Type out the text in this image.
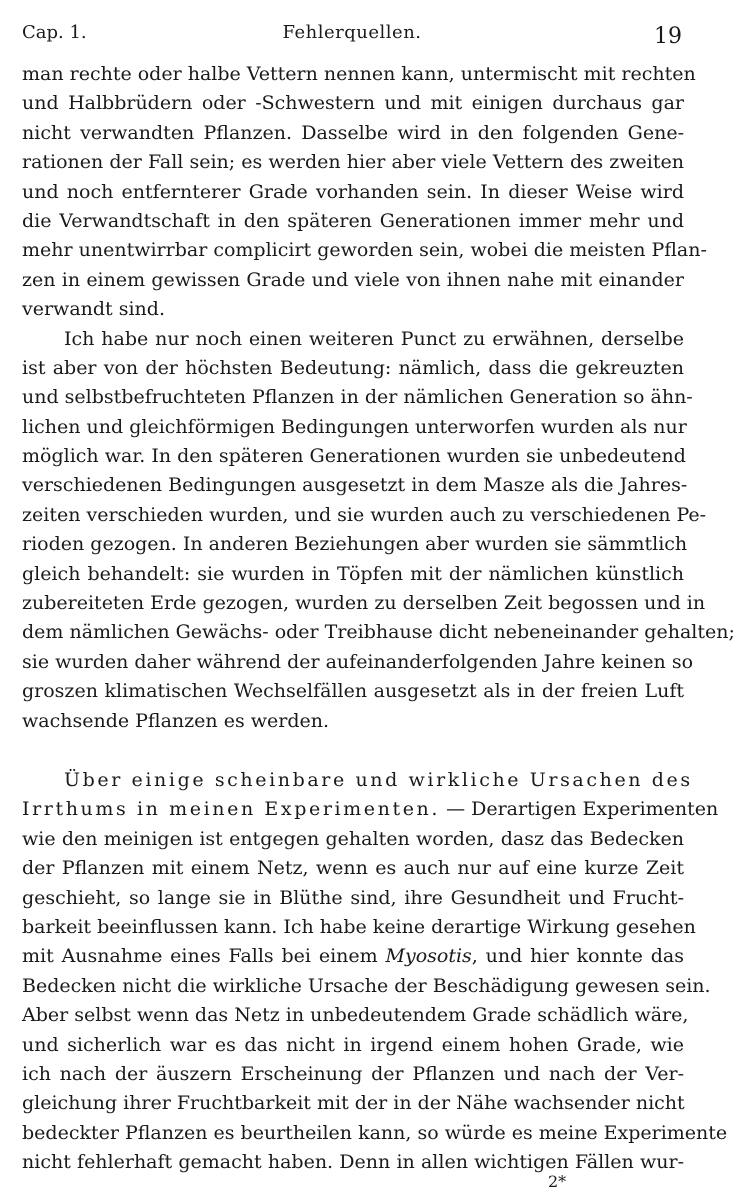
Cap. 1.	Fehlerquellen.	19
man rechte oder halbe Vettern nennen kann, untermischt mit rechten
und Halbbrüdern oder -Schwestern und mit einigen durchaus gar
nicht verwandten Pflanzen. Dasselbe wird in den folgenden Gene-
rationen der Fall sein; es werden hier aber viele Vettern des zweiten
und noch entfernterer Grade vorhanden sein. In dieser Weise wird
die Verwandtschaft in den späteren Generationen immer mehr und
mehr unentwirrbar complicirt geworden sein, wobei die meisten Pflan-
zen in einem gewissen Grade und viele von ihnen nahe mit einander
verwandt sind.
Ich habe nur noch einen weiteren Punct zu erwähnen, derselbe
ist aber von der höchsten Bedeutung: nämlich, dass die gekreuzten
und selbstbefruchteten Pflanzen in der nämlichen Generation so ähn-
lichen und gleichförmigen Bedingungen unterworfen wurden als nur
möglich war. In den späteren Generationen wurden sie unbedeutend
verschiedenen Bedingungen ausgesetzt in dem Masze als die Jahres-
zeiten verschieden wurden, und sie wurden auch zu verschiedenen Pe-
rioden gezogen. In anderen Beziehungen aber wurden sie sämmtlich
gleich behandelt: sie wurden in Töpfen mit der nämlichen künstlich
zubereiteten Erde gezogen, wurden zu derselben Zeit begossen und in
dem nämlichen Gewächs- oder Treibhause dicht nebeneinander gehalten;
sie wurden daher während der aufeinanderfolgenden Jahre keinen so
groszen klimatischen Wechselfällen ausgesetzt als in der freien Luft
wachsende Pflanzen es werden.
Über einige scheinbare und wirkliche Ursachen des
Irrthums in meinen Experimenten. — Derartigen Experimenten
wie den meinigen ist entgegen gehalten worden, dasz das Bedecken
der Pflanzen mit einem Netz, wenn es auch nur auf eine kurze Zeit
geschieht, so lange sie in Blüthe sind, ihre Gesundheit und Frucht-
barkeit beeinflussen kann. Ich habe keine derartige Wirkung gesehen
mit Ausnahme eines Falls bei einem Myosotis, und hier konnte das
Bedecken nicht die wirkliche Ursache der Beschädigung gewesen sein.
Aber selbst wenn das Netz in unbedeutendem Grade schädlich wäre,
und sicherlich war es das nicht in irgend einem hohen Grade, wie
ich nach der äuszern Erscheinung der Pflanzen und nach der Ver-
gleichung ihrer Fruchtbarkeit mit der in der Nähe wachsender nicht
bedeckter Pflanzen es beurtheilen kann, so würde es meine Experimente
nicht fehlerhaft gemacht haben. Denn in allen wichtigen Fällen wur-
2*
